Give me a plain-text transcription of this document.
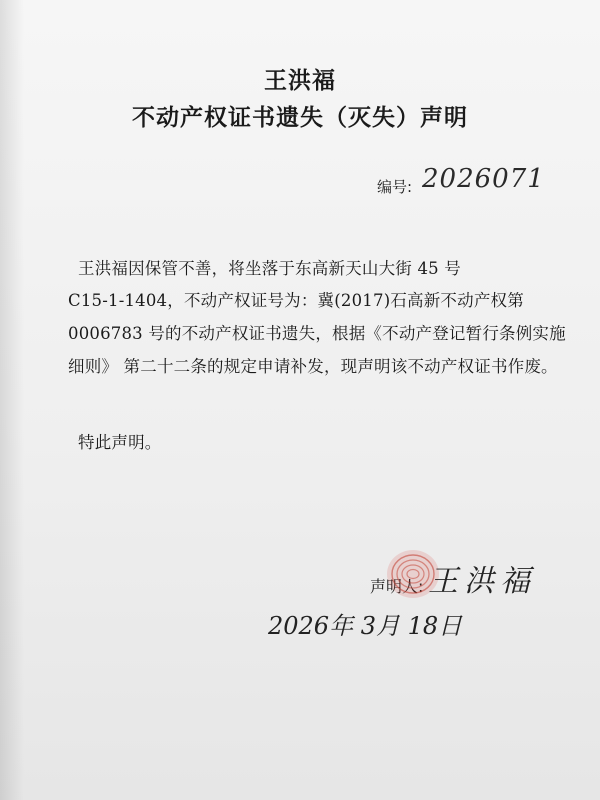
王洪福
不动产权证书遗失（灭失）声明
编号: 2026071
王洪福因保管不善，将坐落于东高新天山大街 45 号
C15-1-1404，不动产权证号为：冀(2017)石高新不动产权第
0006783 号的不动产权证书遗失，根据《不动产登记暂行条例实施
细则》 第二十二条的规定申请补发，现声明该不动产权证书作废。
特此声明。
声明人: 王洪福
2026年 3月 18日
